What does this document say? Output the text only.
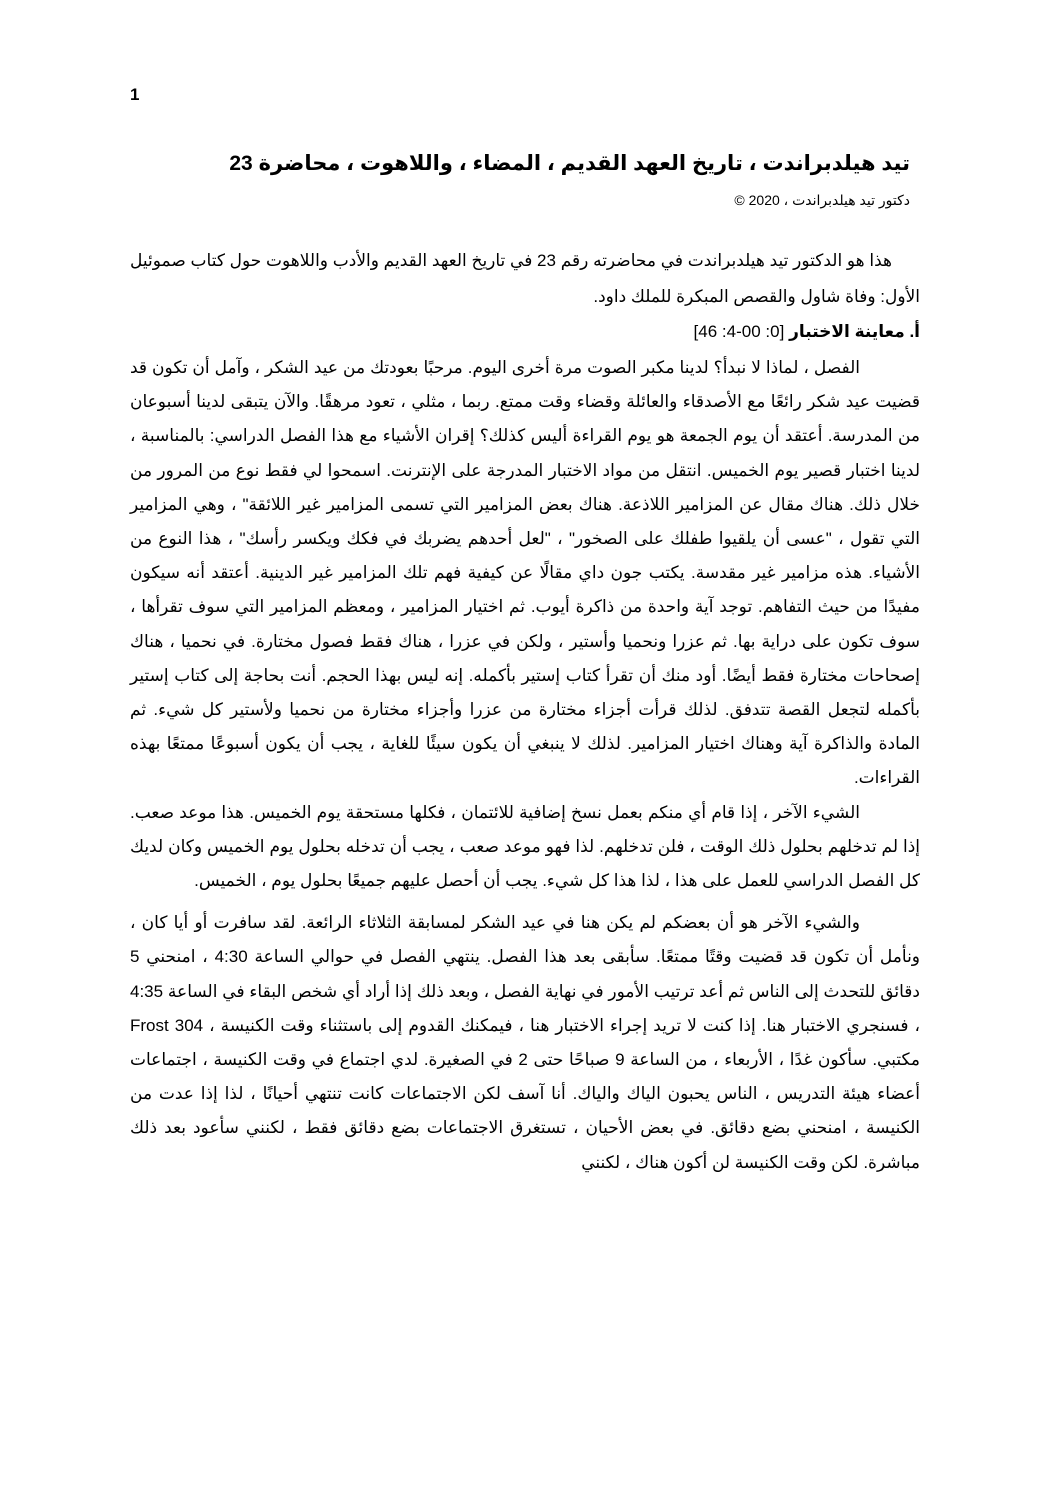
1
تيد هيلدبراندت ، تاريخ العهد القديم ، المضاء ، واللاهوت ، محاضرة 23

دكتور تيد هيلدبراندت ، 2020 ©

هذا هو الدكتور تيد هيلدبراندت في محاضرته رقم 23 في تاريخ العهد القديم والأدب واللاهوت حول كتاب صموئيل الأول: وفاة شاول والقصص المبكرة للملك داود.

أ. معاينة الاختبار [0: 00-4: 46]

الفصل ، لماذا لا نبدأ؟ لدينا مكبر الصوت مرة أخرى اليوم. مرحبًا بعودتك من عيد الشكر ، وآمل أن تكون قد قضيت عيد شكر رائعًا مع الأصدقاء والعائلة وقضاء وقت ممتع. ربما ، مثلي ، تعود مرهقًا. والآن يتبقى لدينا أسبوعان من المدرسة. أعتقد أن يوم الجمعة هو يوم القراءة أليس كذلك؟ إقران الأشياء مع هذا الفصل الدراسي: بالمناسبة ، لدينا اختبار قصير يوم الخميس. انتقل من مواد الاختبار المدرجة على الإنترنت. اسمحوا لي فقط نوع من المرور من خلال ذلك. هناك مقال عن المزامير اللاذعة. هناك بعض المزامير التي تسمى المزامير غير اللائقة" ، وهي المزامير التي تقول ، "عسى أن يلقيوا طفلك على الصخور" ، "لعل أحدهم يضربك في فكك ويكسر رأسك" ، هذا النوع من الأشياء. هذه مزامير غير مقدسة. يكتب جون داي مقالًا عن كيفية فهم تلك المزامير غير الدينية. أعتقد أنه سيكون مفيدًا من حيث التفاهم. توجد آية واحدة من ذاكرة أيوب. ثم اختيار المزامير ، ومعظم المزامير التي سوف تقرأها ، سوف تكون على دراية بها. ثم عزرا ونحميا وأستير ، ولكن في عزرا ، هناك فقط فصول مختارة. في نحميا ، هناك إصحاحات مختارة فقط أيضًا. أود منك أن تقرأ كتاب إستير بأكمله. إنه ليس بهذا الحجم. أنت بحاجة إلى كتاب إستير بأكمله لتجعل القصة تتدفق. لذلك قرأت أجزاء مختارة من عزرا وأجزاء مختارة من نحميا ولأستير كل شيء. ثم المادة والذاكرة آية وهناك اختيار المزامير. لذلك لا ينبغي أن يكون سيئًا للغاية ، يجب أن يكون أسبوعًا ممتعًا بهذه القراءات.

الشيء الآخر ، إذا قام أي منكم بعمل نسخ إضافية للائتمان ، فكلها مستحقة يوم الخميس. هذا موعد صعب. إذا لم تدخلهم بحلول ذلك الوقت ، فلن تدخلهم. لذا فهو موعد صعب ، يجب أن تدخله بحلول يوم الخميس وكان لديك كل الفصل الدراسي للعمل على هذا ، لذا هذا كل شيء. يجب أن أحصل عليهم جميعًا بحلول يوم ، الخميس.

والشيء الآخر هو أن بعضكم لم يكن هنا في عيد الشكر لمسابقة الثلاثاء الرائعة. لقد سافرت أو أيا كان ، ونأمل أن تكون قد قضيت وقتًا ممتعًا. سأبقى بعد هذا الفصل. ينتهي الفصل في حوالي الساعة 4:30 ، امنحني 5 دقائق للتحدث إلى الناس ثم أعد ترتيب الأمور في نهاية الفصل ، وبعد ذلك إذا أراد أي شخص البقاء في الساعة 4:35 ، فسنجري الاختبار هنا. إذا كنت لا تريد إجراء الاختبار هنا ، فيمكنك القدوم إلى باستثناء وقت الكنيسة ، Frost 304 مكتبي. سأكون غدًا ، الأربعاء ، من الساعة 9 صباحًا حتى 2 في الصغيرة. لدي اجتماع في وقت الكنيسة ، اجتماعات أعضاء هيئة التدريس ، الناس يحبون الياك والياك. أنا آسف لكن الاجتماعات كانت تنتهي أحيانًا ، لذا إذا عدت من الكنيسة ، امنحني بضع دقائق. في بعض الأحيان ، تستغرق الاجتماعات بضع دقائق فقط ، لكنني سأعود بعد ذلك مباشرة. لكن وقت الكنيسة لن أكون هناك ، لكنني
